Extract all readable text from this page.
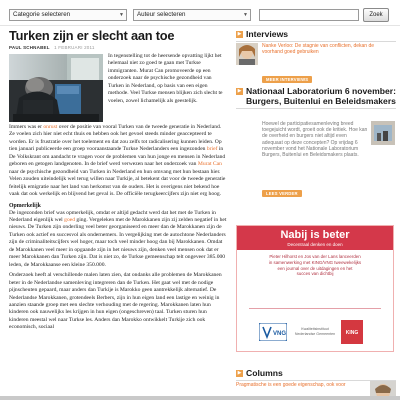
Categorie selecteren	▼	Auteur selecteren	▼	Zoek
Turken zijn er slecht aan toe
PAUL SCHNABEL 1 FEBRUARI 2011
In tegenstelling tot de heersende opvatting lijkt het helemaal niet zo goed te gaan met Turkse immigranten. Murat Can promoveerde op een onderzoek naar de psychische gezondheid van Turken in Nederland, op basis van een eigen methode. Veel Turkse mensen blijken zich slecht te voelen, zowel lichamelijk als geestelijk.

Immers was er onrust over de positie van vooral Turken van de tweede generatie in Nederland. Ze voelen zich hier niet echt thuis en hebben ook het gevoel steeds minder geaccepteerd te worden. Er is frustratie over het toelement en dat zou zelfs tot radicalisering kunnen leiden. Op tien januari publiceerde een groep vooraanstaande Turkse Nederlanders een ingezonden brief in De Volkskrant om aandacht te vragen voor de problemen van hun jonge en mensen in Nederland geboren en getogen landgenoten. In de brief werd verwezen naar het onderzoek van Murat Can naar de psychische gezondheid van Turken in Nederland en hun omvang met hun bestaan hier. Velen zouden uiteindelijk wel terug willen naar Turkije, al betekent dat voor de tweede generatie feitelijk emigratie naar het land van herkomst van de ouders. Het is overigens niet bekend hoe vaak dat ook werkelijk en blijvend het geval is. De officiële terugkeercijfers zijn niet erg hoog.

Opmerkelijk

De ingezonden brief was opmerkelijk, omdat er altijd gedacht werd dat het met de Turken in Nederland eigenlijk wel goed ging. Vergeleken met de Marokkanen zijn zij zelden negatief in het nieuws. De Turken zijn onderling veel beter georganiseerd en meer dan de Marokkanen zijn de Turken ook actief en succesvol als ondernemers. In vergelijking met de autochtone Nederlanders zijn de criminaliteitscijfers wel hoger, maar toch veel minder hoog dan bij Marokkanen. Omdat de Marokkanen veel meer in opgaande zijn in het nieuws zijn, denken veel mensen ook dat er meer Marokkanen dan Turken zijn. Dat is niet zo, de Turkse gemeenschap telt ongeveer 385.000 leden, de Marokkaanse een kleine 350.000.

Onderzoek heeft al verschillende malen laten zien, dat ondanks alle problemen de Marokkanen beter in de Nederlandse samenleving integreren dan de Turken. Het gaat wel met de nodige pijnscheuten gepaard, maar anders dan Turkije is Marokko geen aantrekkelijk alternatief. De Nederlandse Marokkanen, grotendeels Berbers, zijn in hun eigen land een lastige en weinig in aanzien staande groep met een slechte verhouding met de regering. Marokkanen laten hun kinderen ook nauwelijks les krijgen in hun eigen (ongeschreven) taal. Turken sturen hun kinderen meestal wel naar Turkse les. Anders dan Marokko ontwikkelt Turkije zich ook economisch, sociaal

▶ Interviews
Nanke Verloo: De stagnie van conflicten, dekan de voorhand goed gebruiken
MEER INTERVIEWS
▶ Nationaal Laboratorium 6 november: Burgers, Buitenlui en Beleidsmakers
Hoewel de participatiesamenleving breed toegejuicht wordt, groeit ook de kritiek. Hoe kan de overheid en burgers niet altijd even adequaat op deze concepten? Op vrijdag 6 november vond het Nationale Laboratorium Burgers, Buitenlui en Beleidsmakers plaats.
LEES VERDER
▶ Columns
Pragmatische is een goede eigenschap, ook voor
Nabij is beter
Decentraal denken en doen
Pieter Hilhorst en Jos van der Lans lanceerden
in samenwerking met KING/VNG tweewekelijks
een journal over de uitdagingen en het
succes van dichtbij
VNG
Kwaliteitsinstituut Nederlandse Gemeenten	KING
